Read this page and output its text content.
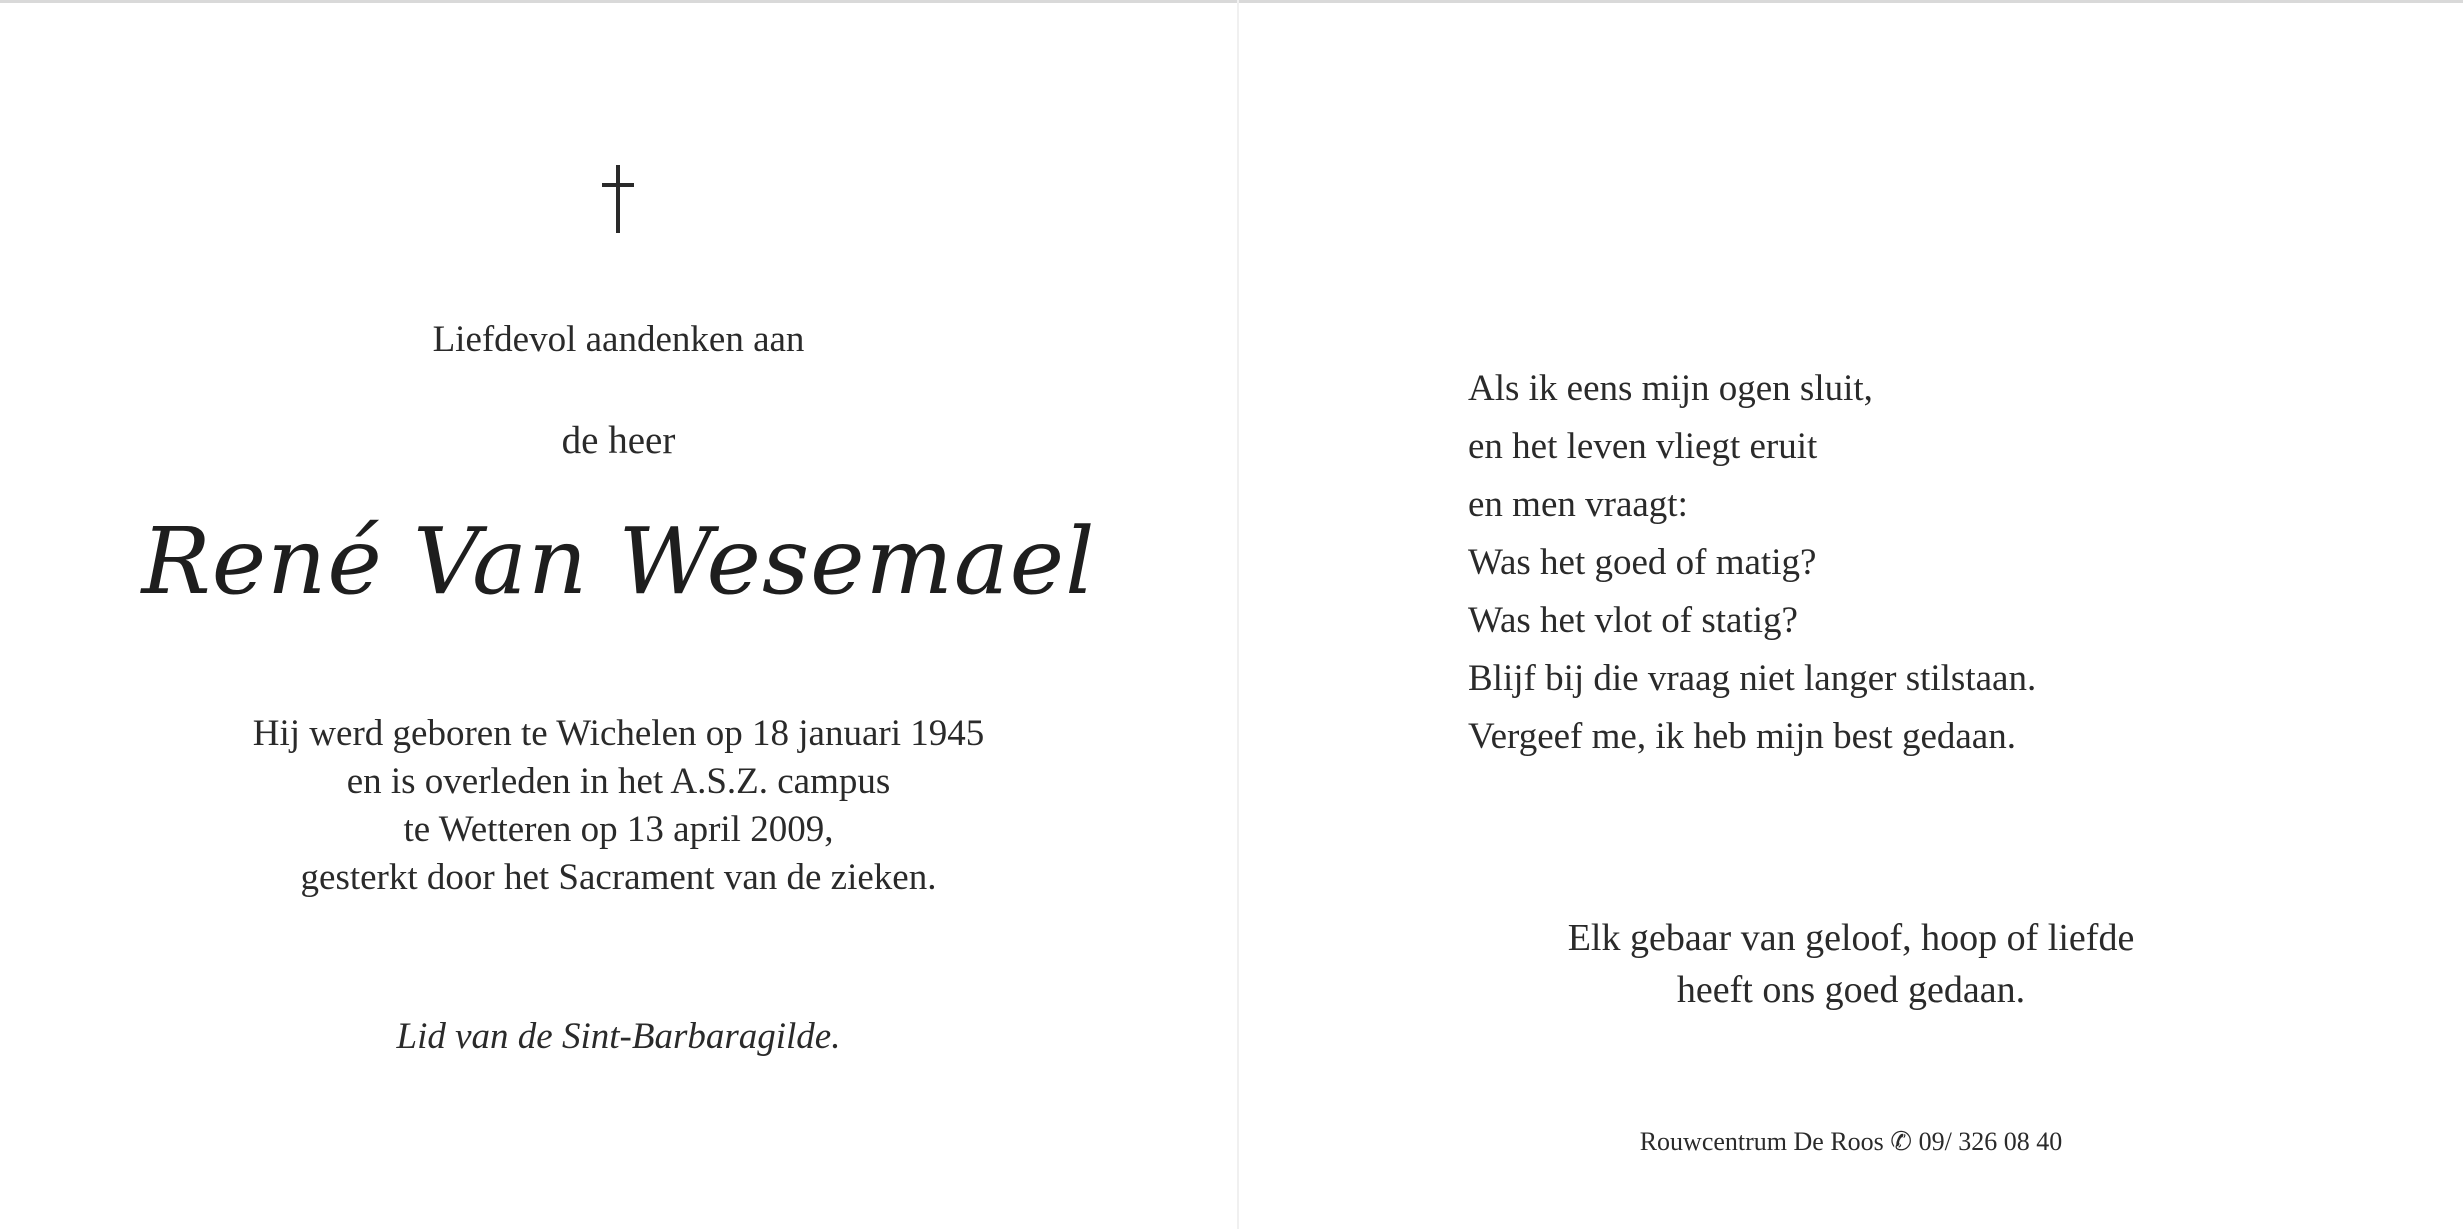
Liefdevol aandenken aan
de heer
René Van Wesemael
Hij werd geboren te Wichelen op 18 januari 1945
en is overleden in het A.S.Z. campus
te Wetteren op 13 april 2009,
gesterkt door het Sacrament van de zieken.
Lid van de Sint-Barbaragilde.
Als ik eens mijn ogen sluit,
en het leven vliegt eruit
en men vraagt:
Was het goed of matig?
Was het vlot of statig?
Blijf bij die vraag niet langer stilstaan.
Vergeef me, ik heb mijn best gedaan.
Elk gebaar van geloof, hoop of liefde
heeft ons goed gedaan.
Rouwcentrum De Roos ✆ 09/ 326 08 40
